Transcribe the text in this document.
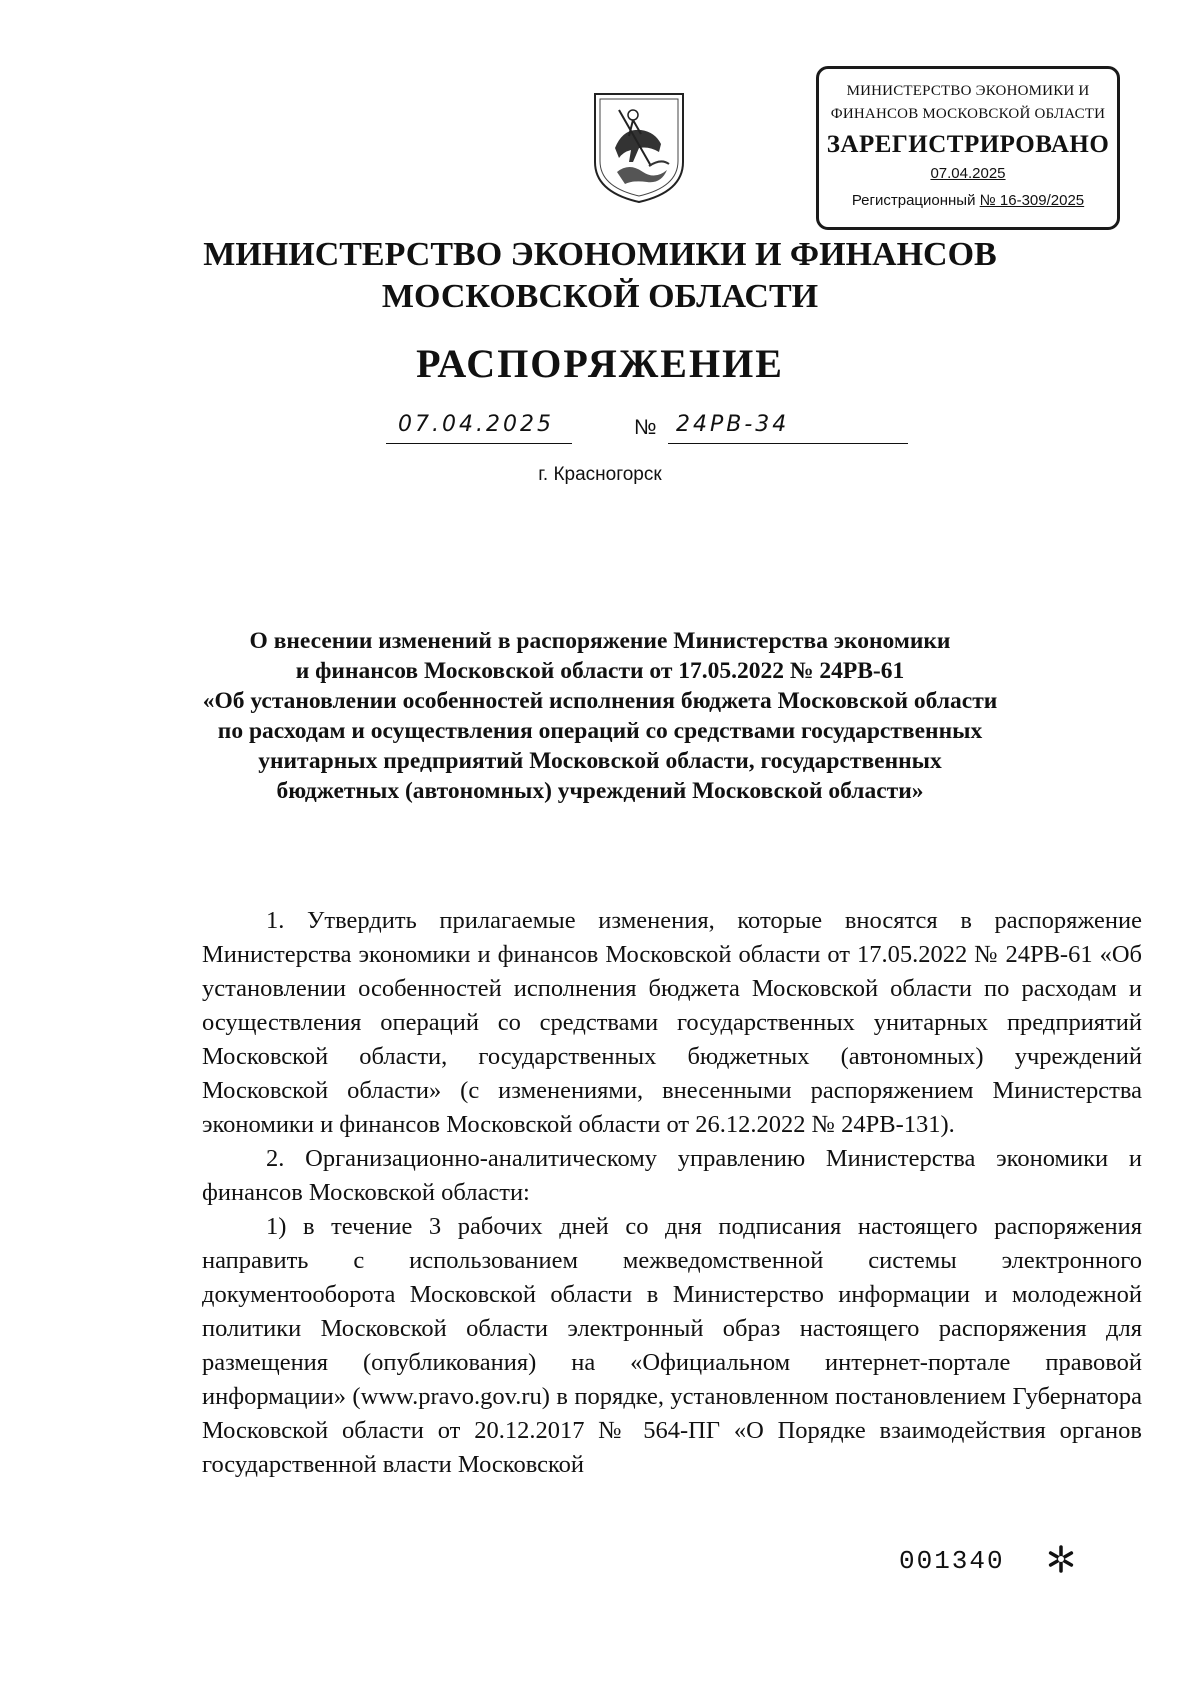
МИНИСТЕРСТВО ЭКОНОМИКИ И
ФИНАНСОВ МОСКОВСКОЙ ОБЛАСТИ
ЗАРЕГИСТРИРОВАНО
07.04.2025
Регистрационный № 16-309/2025
МИНИСТЕРСТВО ЭКОНОМИКИ И ФИНАНСОВ
МОСКОВСКОЙ ОБЛАСТИ
РАСПОРЯЖЕНИЕ
07.04.2025	№ 24РВ-34
г. Красногорск
О внесении изменений в распоряжение Министерства экономики
и финансов Московской области от 17.05.2022 № 24РВ-61
«Об установлении особенностей исполнения бюджета Московской области
по расходам и осуществления операций со средствами государственных
унитарных предприятий Московской области, государственных
бюджетных (автономных) учреждений Московской области»

1. Утвердить прилагаемые изменения, которые вносятся в распоряжение Министерства экономики и финансов Московской области от 17.05.2022 № 24РВ-61 «Об установлении особенностей исполнения бюджета Московской области по расходам и осуществления операций со средствами государственных унитарных предприятий Московской области, государственных бюджетных (автономных) учреждений Московской области» (с изменениями, внесенными распоряжением Министерства экономики и финансов Московской области от 26.12.2022 № 24РВ-131).

2. Организационно-аналитическому управлению Министерства экономики и финансов Московской области:

1) в течение 3 рабочих дней со дня подписания настоящего распоряжения направить с использованием межведомственной системы электронного документооборота Московской области в Министерство информации и молодежной политики Московской области электронный образ настоящего распоряжения для размещения (опубликования) на «Официальном интернет-портале правовой информации» (www.pravo.gov.ru) в порядке, установленном постановлением Губернатора Московской области от 20.12.2017 № 564-ПГ «О Порядке взаимодействия органов государственной власти Московской

001340
